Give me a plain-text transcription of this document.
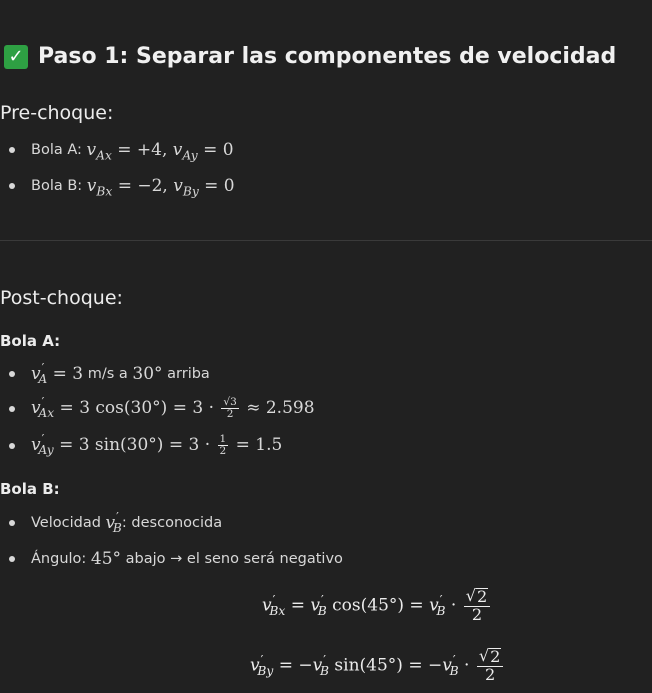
✓ Paso 1: Separar las componentes de velocidad
Pre-choque:
Bola A:
$v_{Ax} = +4$, $v_{Ay} = 0$
Bola B:
$v_{Bx} = -2$, $v_{By} = 0$
Post-choque:
Bola A:
$v'_A = 3$
m/s a
30°
arriba
$v'_{Ax} = 3$ $\cos(30^\circ) = 3 \cdot \frac{√3}{2} \approx 2.598$
$v'_{Ay} = 3$ $\sin(30^\circ) = 3 \cdot \frac{1}{2} = 1.5$
Bola B:
Velocidad
$v'_B$ : desconocida
Ángulo:
45°
abajo → el seno será negativo
$v'_{Bx} = v'_B$ $\cos(45^\circ) = v'_B \cdot \frac{√ 2}{2}$
$v'_{By} = -v'_B$ $\sin(45^\circ) = -v'_B \cdot \frac{√ 2}{2}$
